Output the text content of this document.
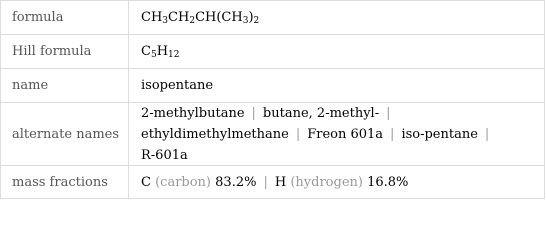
formula	CH 3 CH 2 CH(CH 3 ) 2
Hill formula	C 5 H 12
name	isopentane
alternate names
2-methylbutane | butane, 2-methyl- |
ethyldimethylmethane | Freon 601a | iso-pentane |
R-601a
mass fractions	C
(carbon)
83.2% | H
(hydrogen)
16.8%
